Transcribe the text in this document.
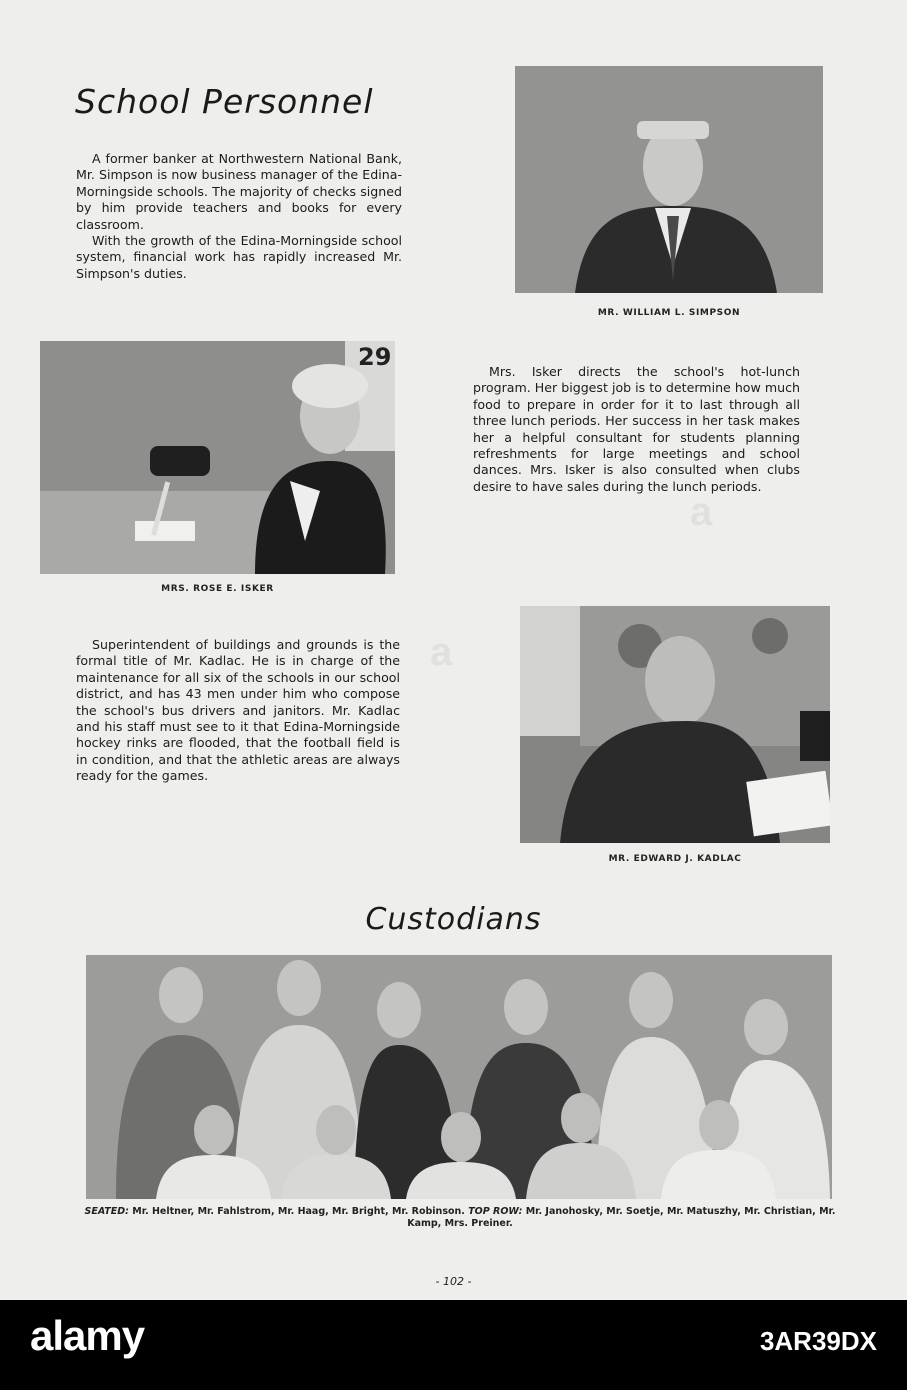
School Personnel

A former banker at Northwestern National Bank, Mr. Simpson is now business manager of the Edina-Morningside schools. The majority of checks signed by him provide teachers and books for every classroom.

With the growth of the Edina-Morningside school system, financial work has rapidly increased Mr. Simpson's duties.

MR. WILLIAM L. SIMPSON
29
MRS. ROSE E. ISKER

Mrs. Isker directs the school's hot-lunch program. Her biggest job is to determine how much food to prepare in order for it to last through all three lunch periods. Her success in her task makes her a helpful consultant for students planning refreshments for large meetings and school dances. Mrs. Isker is also consulted when clubs desire to have sales during the lunch periods.

Superintendent of buildings and grounds is the formal title of Mr. Kadlac. He is in charge of the maintenance for all six of the schools in our school district, and has 43 men under him who compose the school's bus drivers and janitors. Mr. Kadlac and his staff must see to it that Edina-Morningside hockey rinks are flooded, that the football field is in condition, and that the athletic areas are always ready for the games.

MR. EDWARD J. KADLAC
Custodians
SEATED: Mr. Heltner, Mr. Fahlstrom, Mr. Haag, Mr. Bright, Mr. Robinson. TOP ROW: Mr. Janohosky, Mr. Soetje, Mr. Matuszhy, Mr. Christian, Mr. Kamp, Mrs. Preiner.
- 102 -
a
a
alamy	3AR39DX
